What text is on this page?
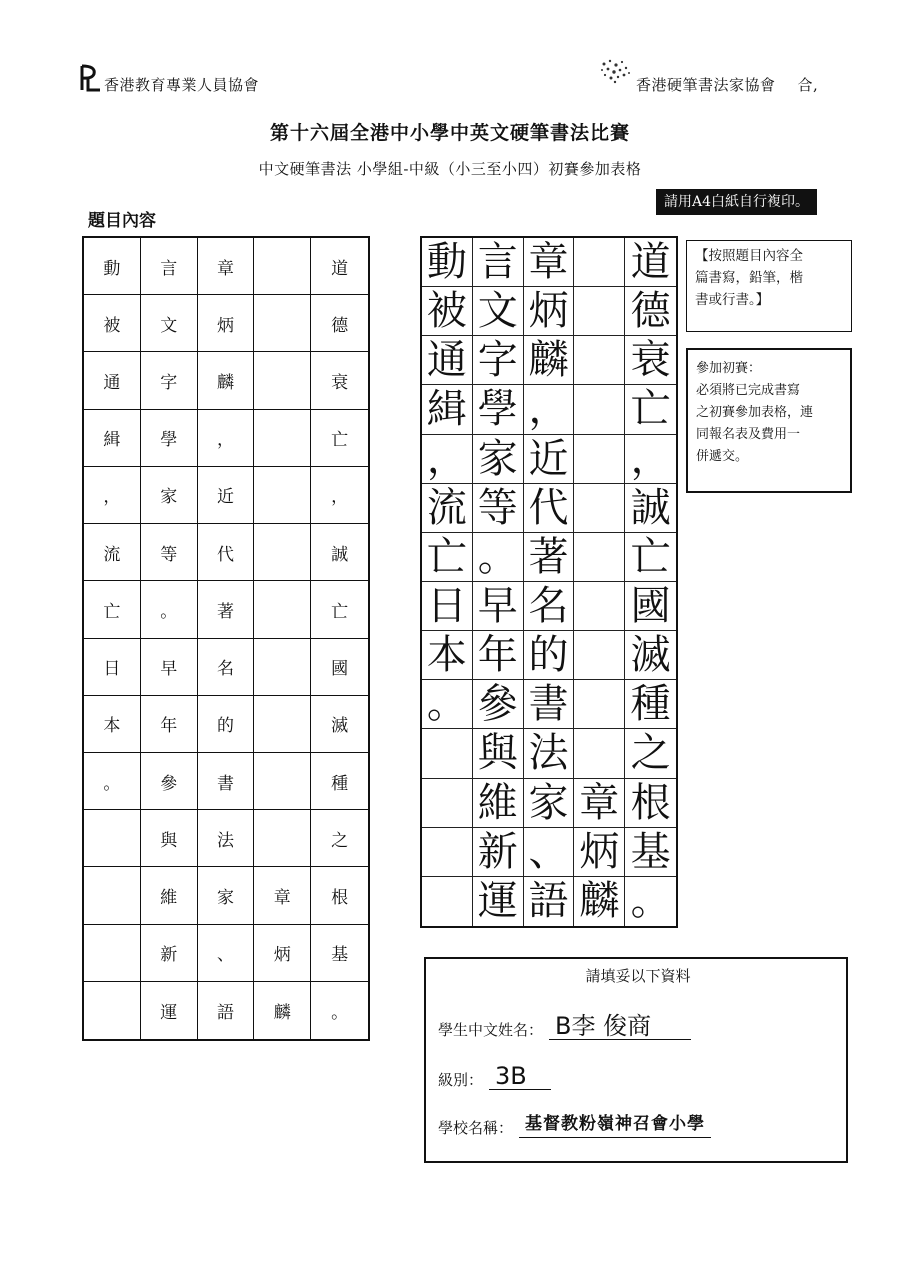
香港教育專業人員協會	香港硬筆書法家協會 合,
第十六屆全港中小學中英文硬筆書法比賽
中文硬筆書法 小學組-中級（小三至小四）初賽參加表格
請用A4白紙自行複印。
題目內容
動
被
通
緝
，
流
亡
日
本
。
言
文
字
學
家
等
。
早
年
參
與
維
新
運
章
炳
麟
，
近
代
著
名
的
書
法
家
、
語
章
炳
麟
道
德
衰
亡
，
誠
亡
國
滅
種
之
根
基
。
動
被
通
緝
，
流
亡
日
本
。
言
文
字
學
家
等
。
早
年
參
與
維
新
運
章
炳
麟
，
近
代
著
名
的
書
法
家
、
語
章
炳
麟
道
德
衰
亡
，
誠
亡
國
滅
種
之
根
基
。
【按照題目內容全
篇書寫，鉛筆，楷
書或行書。】
參加初賽：
必須將已完成書寫
之初賽參加表格，連
同報名表及費用一
併遞交。
請填妥以下資料
學生中文姓名： B李 俊商
級別： 3B
學校名稱： 基督教粉嶺神召會小學
